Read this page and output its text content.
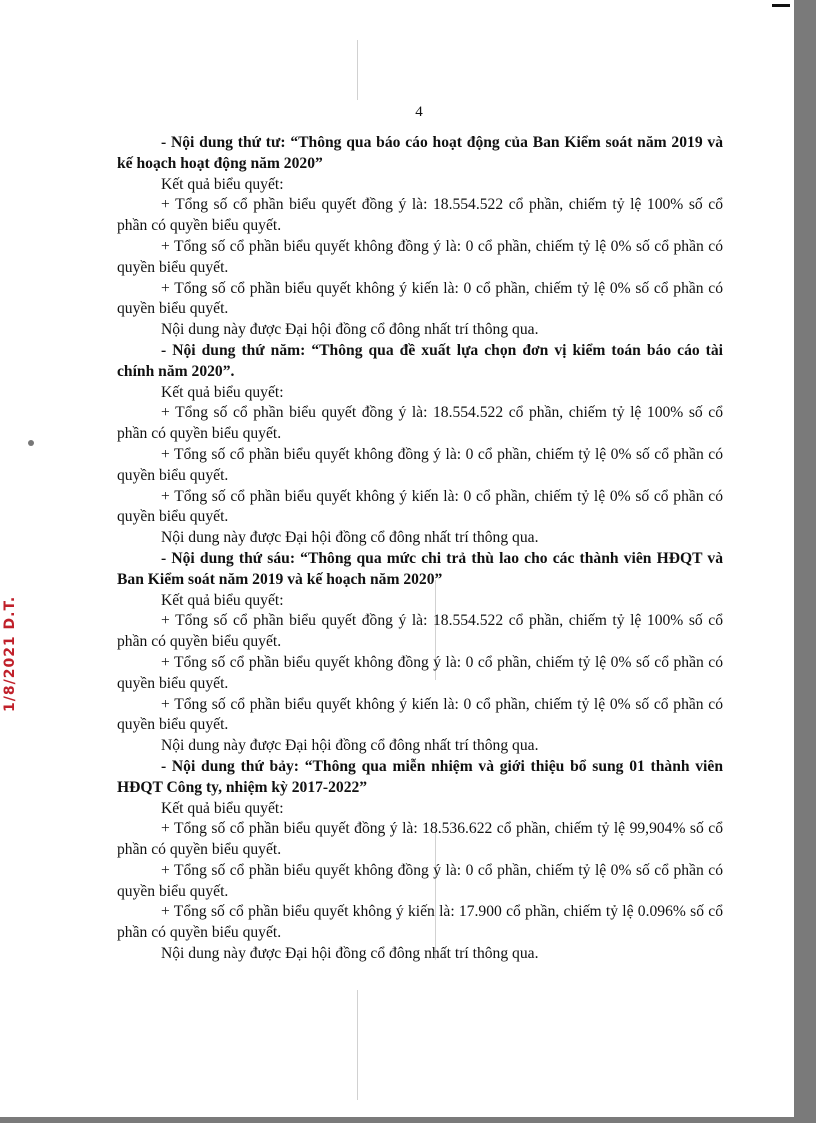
1/8/2021 D.T.
4

- Nội dung thứ tư: “Thông qua báo cáo hoạt động của Ban Kiểm soát năm 2019 và kế hoạch hoạt động năm 2020”

Kết quả biểu quyết:

+ Tổng số cổ phần biểu quyết đồng ý là: 18.554.522 cổ phần, chiếm tỷ lệ 100% số cổ phần có quyền biểu quyết.

+ Tổng số cổ phần biểu quyết không đồng ý là: 0 cổ phần, chiếm tỷ lệ 0% số cổ phần có quyền biểu quyết.

+ Tổng số cổ phần biểu quyết không ý kiến là: 0 cổ phần, chiếm tỷ lệ 0% số cổ phần có quyền biểu quyết.

Nội dung này được Đại hội đồng cổ đông nhất trí thông qua.

- Nội dung thứ năm: “Thông qua đề xuất lựa chọn đơn vị kiểm toán báo cáo tài chính năm 2020”.

Kết quả biểu quyết:

+ Tổng số cổ phần biểu quyết đồng ý là: 18.554.522 cổ phần, chiếm tỷ lệ 100% số cổ phần có quyền biểu quyết.

+ Tổng số cổ phần biểu quyết không đồng ý là: 0 cổ phần, chiếm tỷ lệ 0% số cổ phần có quyền biểu quyết.

+ Tổng số cổ phần biểu quyết không ý kiến là: 0 cổ phần, chiếm tỷ lệ 0% số cổ phần có quyền biểu quyết.

Nội dung này được Đại hội đồng cổ đông nhất trí thông qua.

- Nội dung thứ sáu: “Thông qua mức chi trả thù lao cho các thành viên HĐQT và Ban Kiểm soát năm 2019 và kế hoạch năm 2020”

Kết quả biểu quyết:

+ Tổng số cổ phần biểu quyết đồng ý là: 18.554.522 cổ phần, chiếm tỷ lệ 100% số cổ phần có quyền biểu quyết.

+ Tổng số cổ phần biểu quyết không đồng ý là: 0 cổ phần, chiếm tỷ lệ 0% số cổ phần có quyền biểu quyết.

+ Tổng số cổ phần biểu quyết không ý kiến là: 0 cổ phần, chiếm tỷ lệ 0% số cổ phần có quyền biểu quyết.

Nội dung này được Đại hội đồng cổ đông nhất trí thông qua.

- Nội dung thứ bảy: “Thông qua miễn nhiệm và giới thiệu bổ sung 01 thành viên HĐQT Công ty, nhiệm kỳ 2017-2022”

Kết quả biểu quyết:

+ Tổng số cổ phần biểu quyết đồng ý là: 18.536.622 cổ phần, chiếm tỷ lệ 99,904% số cổ phần có quyền biểu quyết.

+ Tổng số cổ phần biểu quyết không đồng ý là: 0 cổ phần, chiếm tỷ lệ 0% số cổ phần có quyền biểu quyết.

+ Tổng số cổ phần biểu quyết không ý kiến là: 17.900 cổ phần, chiếm tỷ lệ 0.096% số cổ phần có quyền biểu quyết.

Nội dung này được Đại hội đồng cổ đông nhất trí thông qua.
